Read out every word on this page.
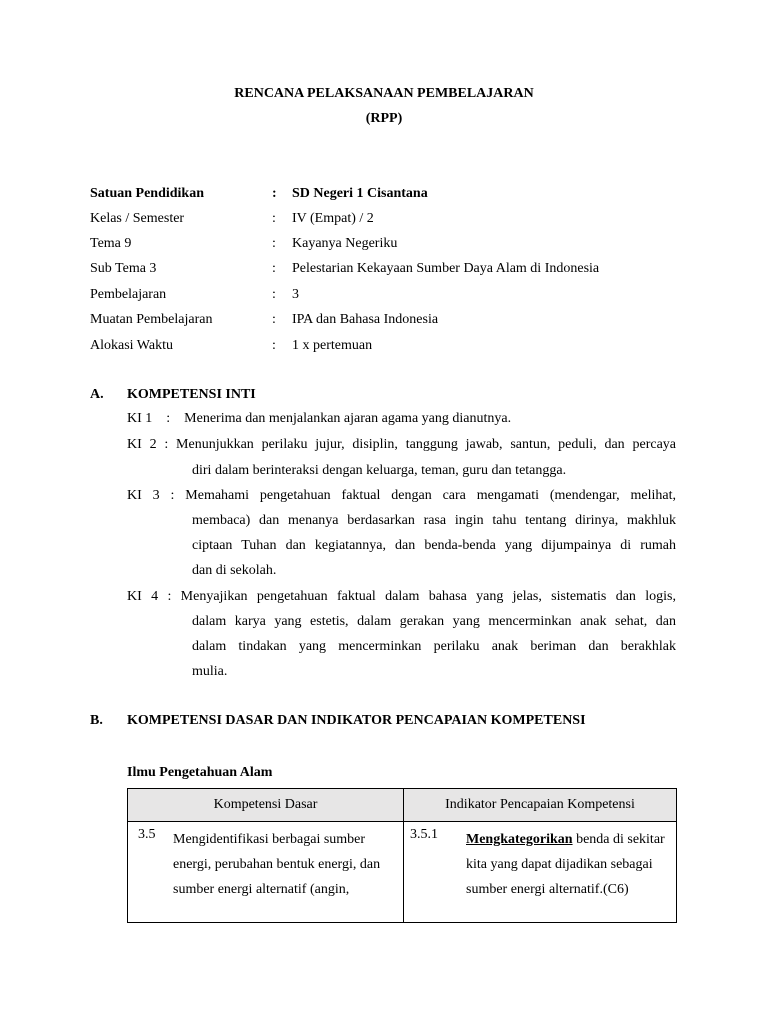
RENCANA PELAKSANAAN PEMBELAJARAN
(RPP)
Satuan Pendidikan	: SD Negeri 1 Cisantana
Kelas / Semester	: IV (Empat) / 2
Tema 9	: Kayanya Negeriku
Sub Tema 3	: Pelestarian Kekayaan Sumber Daya Alam di Indonesia
Pembelajaran	: 3
Muatan Pembelajaran	: IPA dan Bahasa Indonesia
Alokasi Waktu	: 1 x pertemuan
A. KOMPETENSI INTI
KI 1    :    Menerima dan menjalankan ajaran agama yang dianutnya.
KI 2 : Menunjukkan perilaku jujur, disiplin, tanggung jawab, santun, peduli, dan percaya
diri dalam berinteraksi dengan keluarga, teman, guru dan tetangga.
KI 3 : Memahami pengetahuan faktual dengan cara mengamati (mendengar, melihat,
membaca) dan menanya berdasarkan rasa ingin tahu tentang dirinya, makhluk
ciptaan Tuhan dan kegiatannya, dan benda-benda yang dijumpainya di rumah
dan di sekolah.
KI 4 : Menyajikan pengetahuan faktual dalam bahasa yang jelas, sistematis dan logis,
dalam karya yang estetis, dalam gerakan yang mencerminkan anak sehat, dan
dalam tindakan yang mencerminkan perilaku anak beriman dan berakhlak
mulia.
B. KOMPETENSI DASAR DAN INDIKATOR PENCAPAIAN KOMPETENSI
Ilmu Pengetahuan Alam
Kompetensi Dasar	Indikator Pencapaian Kompetensi

3.5 Mengidentifikasi berbagai sumber energi, perubahan bentuk energi, dan sumber energi alternatif (angin,	3.5.1 Mengkategorikan benda di sekitar kita yang dapat dijadikan sebagai sumber energi alternatif.(C6)
